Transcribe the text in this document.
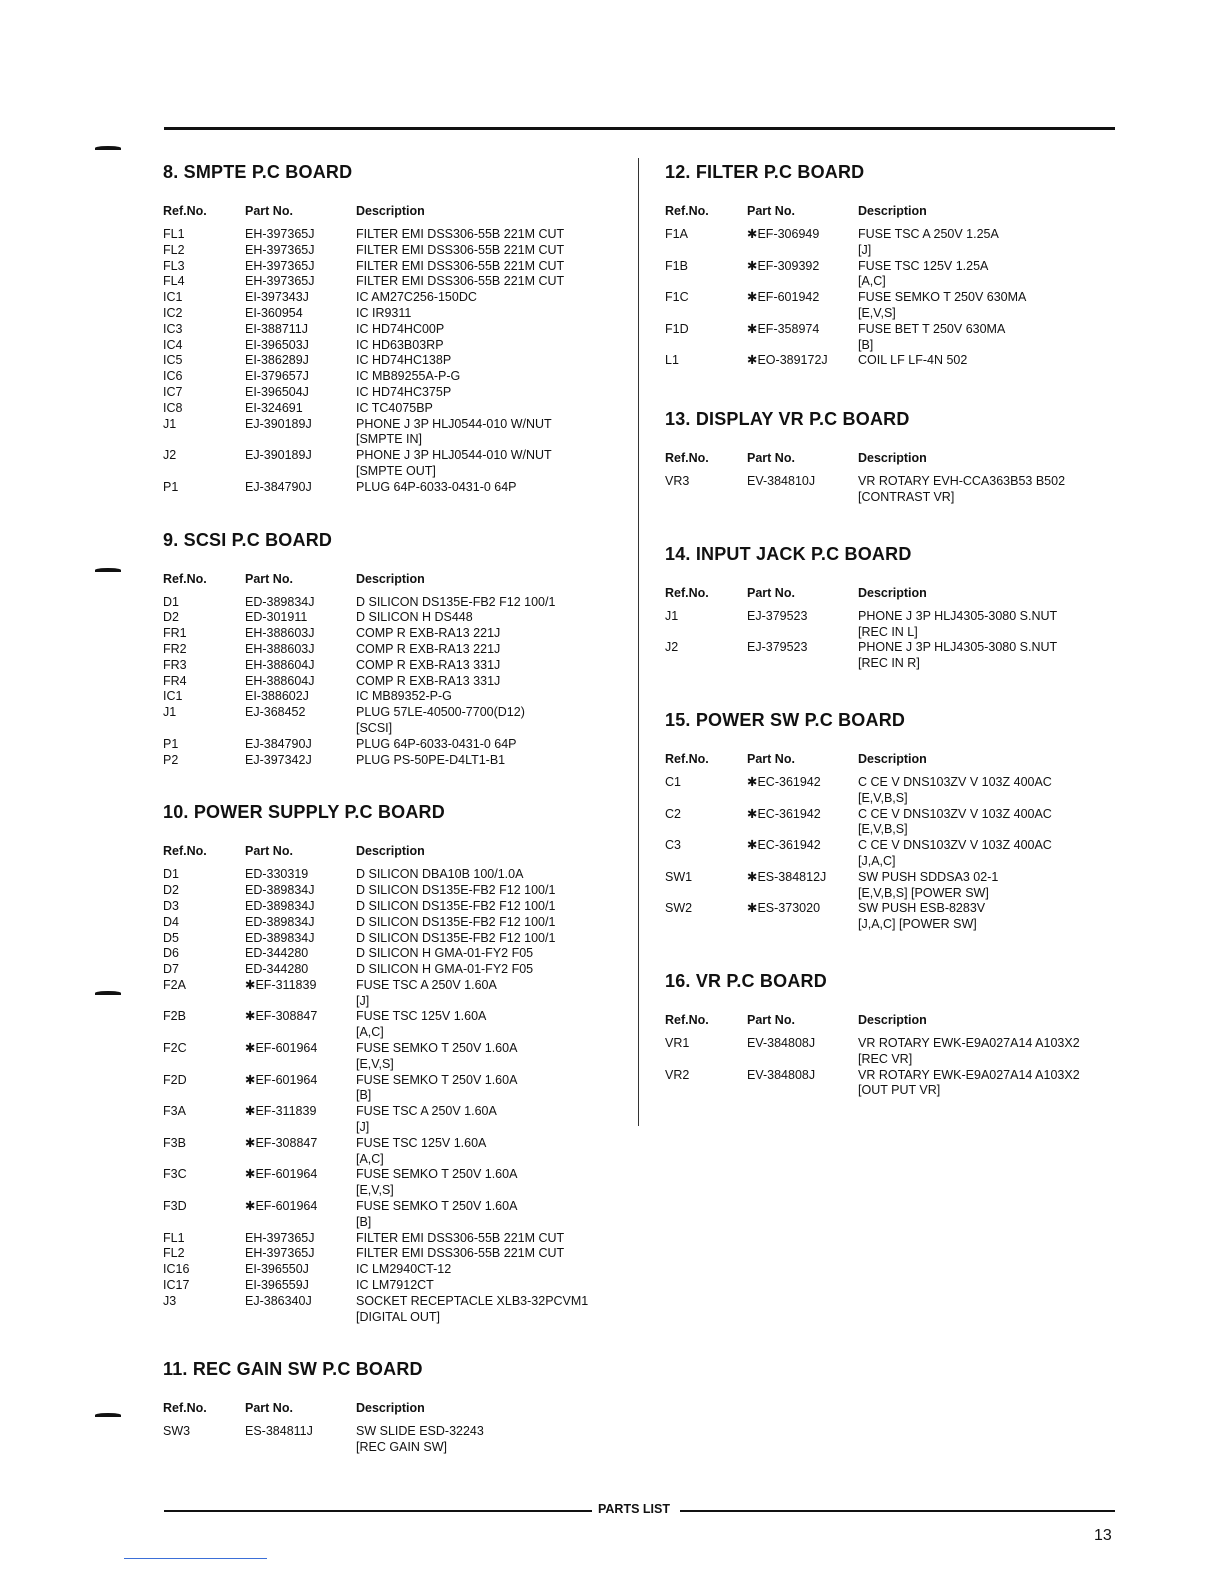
8. SMPTE P.C BOARD
Ref.No.	Part No.	Description
FL1	EH-397365J	FILTER EMI DSS306-55B 221M CUT
FL2	EH-397365J	FILTER EMI DSS306-55B 221M CUT
FL3	EH-397365J	FILTER EMI DSS306-55B 221M CUT
FL4	EH-397365J	FILTER EMI DSS306-55B 221M CUT
IC1	EI-397343J	IC AM27C256-150DC
IC2	EI-360954	IC IR9311
IC3	EI-388711J	IC HD74HC00P
IC4	EI-396503J	IC HD63B03RP
IC5	EI-386289J	IC HD74HC138P
IC6	EI-379657J	IC MB89255A-P-G
IC7	EI-396504J	IC HD74HC375P
IC8	EI-324691	IC TC4075BP
J1	EJ-390189J	PHONE J 3P HLJ0544-010 W/NUT
[SMPTE IN]
J2	EJ-390189J	PHONE J 3P HLJ0544-010 W/NUT
[SMPTE OUT]
P1	EJ-384790J	PLUG 64P-6033-0431-0 64P
9. SCSI P.C BOARD
Ref.No.	Part No.	Description
D1	ED-389834J	D SILICON DS135E-FB2 F12 100/1
D2	ED-301911	D SILICON H DS448
FR1	EH-388603J	COMP R EXB-RA13 221J
FR2	EH-388603J	COMP R EXB-RA13 221J
FR3	EH-388604J	COMP R EXB-RA13 331J
FR4	EH-388604J	COMP R EXB-RA13 331J
IC1	EI-388602J	IC MB89352-P-G
J1	EJ-368452	PLUG 57LE-40500-7700(D12)
[SCSI]
P1	EJ-384790J	PLUG 64P-6033-0431-0 64P
P2	EJ-397342J	PLUG PS-50PE-D4LT1-B1
10. POWER SUPPLY P.C BOARD
Ref.No.	Part No.	Description
D1	ED-330319	D SILICON DBA10B 100/1.0A
D2	ED-389834J	D SILICON DS135E-FB2 F12 100/1
D3	ED-389834J	D SILICON DS135E-FB2 F12 100/1
D4	ED-389834J	D SILICON DS135E-FB2 F12 100/1
D5	ED-389834J	D SILICON DS135E-FB2 F12 100/1
D6	ED-344280	D SILICON H GMA-01-FY2 F05
D7	ED-344280	D SILICON H GMA-01-FY2 F05
F2A	✱EF-311839	FUSE TSC A 250V 1.60A
[J]
F2B	✱EF-308847	FUSE TSC 125V 1.60A
[A,C]
F2C	✱EF-601964	FUSE SEMKO T 250V 1.60A
[E,V,S]
F2D	✱EF-601964	FUSE SEMKO T 250V 1.60A
[B]
F3A	✱EF-311839	FUSE TSC A 250V 1.60A
[J]
F3B	✱EF-308847	FUSE TSC 125V 1.60A
[A,C]
F3C	✱EF-601964	FUSE SEMKO T 250V 1.60A
[E,V,S]
F3D	✱EF-601964	FUSE SEMKO T 250V 1.60A
[B]
FL1	EH-397365J	FILTER EMI DSS306-55B 221M CUT
FL2	EH-397365J	FILTER EMI DSS306-55B 221M CUT
IC16	EI-396550J	IC LM2940CT-12
IC17	EI-396559J	IC LM7912CT
J3	EJ-386340J	SOCKET RECEPTACLE XLB3-32PCVM1
[DIGITAL OUT]
11. REC GAIN SW P.C BOARD
Ref.No.	Part No.	Description
SW3	ES-384811J	SW SLIDE ESD-32243
[REC GAIN SW]
12. FILTER P.C BOARD
Ref.No.	Part No.	Description
F1A	✱EF-306949	FUSE TSC A 250V 1.25A
[J]
F1B	✱EF-309392	FUSE TSC 125V 1.25A
[A,C]
F1C	✱EF-601942	FUSE SEMKO T 250V 630MA
[E,V,S]
F1D	✱EF-358974	FUSE BET T 250V 630MA
[B]
L1	✱EO-389172J	COIL LF LF-4N 502
13. DISPLAY VR P.C BOARD
Ref.No.	Part No.	Description
VR3	EV-384810J	VR ROTARY EVH-CCA363B53 B502
[CONTRAST VR]
14. INPUT JACK P.C BOARD
Ref.No.	Part No.	Description
J1	EJ-379523	PHONE J 3P HLJ4305-3080 S.NUT
[REC IN L]
J2	EJ-379523	PHONE J 3P HLJ4305-3080 S.NUT
[REC IN R]
15. POWER SW P.C BOARD
Ref.No.	Part No.	Description
C1	✱EC-361942	C CE V DNS103ZV V 103Z 400AC
[E,V,B,S]
C2	✱EC-361942	C CE V DNS103ZV V 103Z 400AC
[E,V,B,S]
C3	✱EC-361942	C CE V DNS103ZV V 103Z 400AC
[J,A,C]
SW1	✱ES-384812J	SW PUSH SDDSA3 02-1
[E,V,B,S] [POWER SW]
SW2	✱ES-373020	SW PUSH ESB-8283V
[J,A,C] [POWER SW]
16. VR P.C BOARD
Ref.No.	Part No.	Description
VR1	EV-384808J	VR ROTARY EWK-E9A027A14 A103X2
[REC VR]
VR2	EV-384808J	VR ROTARY EWK-E9A027A14 A103X2
[OUT PUT VR]
PARTS LIST
13
